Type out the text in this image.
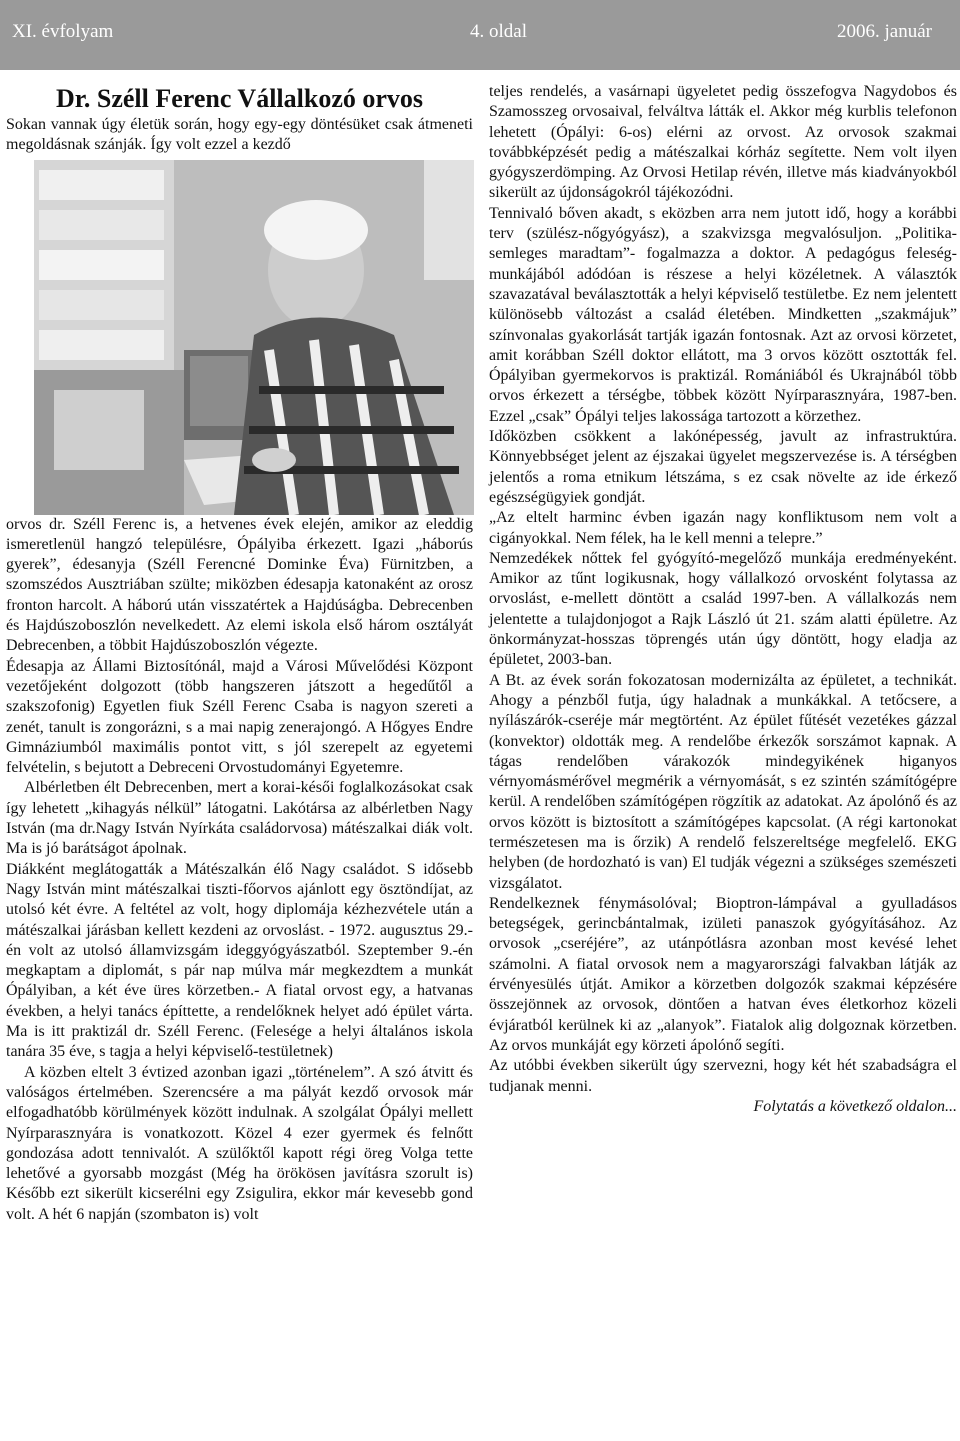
XI. évfolyam	4. oldal	2006. január
Dr. Széll Ferenc Vállalkozó orvos

Sokan vannak úgy életük során, hogy egy-egy döntésüket csak átmeneti megoldásnak szánják. Így volt ezzel a kezdő

orvos dr. Széll Ferenc is, a hetvenes évek elején, amikor az eleddig ismeretlenül hangzó településre, Ópályiba érkezett. Igazi „háborús gyerek”, édesanyja (Széll Ferencné Dominke Éva) Fürnitzben, a szomszédos Ausztriában szülte; miközben édesapja katonaként az orosz fronton harcolt. A háború után visszatértek a Hajdúságba. Debrecenben és Hajdúszoboszlón nevelkedett. Az elemi iskola első három osztályát Debrecenben, a többit Hajdúszoboszlón végezte.

Édesapja az Állami Biztosítónál, majd a Városi Művelődési Központ vezetőjeként dolgozott (több hangszeren játszott a hegedűtől a szakszofonig) Egyetlen fiuk Széll Ferenc Csaba is nagyon szereti a zenét, tanult is zongorázni, s a mai napig zenerajongó. A Hőgyes Endre Gimnáziumból maximális pontot vitt, s jól szerepelt az egyetemi felvételin, s bejutott a Debreceni Orvostudományi Egyetemre.

Albérletben élt Debrecenben, mert a korai-késői foglalkozásokat csak így lehetett „kihagyás nélkül” látogatni. Lakótársa az albérletben Nagy István (ma dr.Nagy István Nyírkáta családorvosa) mátészalkai diák volt. Ma is jó barátságot ápolnak.

Diákként meglátogatták a Mátészalkán élő Nagy családot. S idősebb Nagy István mint mátészalkai tiszti-főorvos ajánlott egy ösztöndíjat, az utolsó két évre. A feltétel az volt, hogy diplomája kézhezvétele után a mátészalkai járásban kellett kezdeni az orvoslást. - 1972. augusztus 29.-én volt az utolsó államvizsgám ideggyógyászatból. Szeptember 9.-én megkaptam a diplomát, s pár nap múlva már megkezdtem a munkát Ópályiban, a két éve üres körzetben.- A fiatal orvost egy, a hatvanas években, a helyi tanács építtette, a rendelőknek helyet adó épület várta. Ma is itt praktizál dr. Széll Ferenc. (Felesége a helyi általános iskola tanára 35 éve, s tagja a helyi képviselő-testületnek)

A közben eltelt 3 évtized azonban igazi „történelem”. A szó átvitt és valóságos értelmében. Szerencsére a ma pályát kezdő orvosok már elfogadhatóbb körülmények között indulnak. A szolgálat Ópályi mellett Nyírparasznyára is vonatkozott. Közel 4 ezer gyermek és felnőtt gondozása adott tennivalót. A szülőktől kapott régi öreg Volga tette lehetővé a gyorsabb mozgást (Még ha örökösen javításra szorult is) Később ezt sikerült kicserélni egy Zsigulira, ekkor már kevesebb gond volt. A hét 6 napján (szombaton is) volt

teljes rendelés, a vasárnapi ügyeletet pedig összefogva Nagydobos és Szamosszeg orvosaival, felváltva látták el. Akkor még kurblis telefonon lehetett (Ópályi: 6-os) elérni az orvost. Az orvosok szakmai továbbképzését pedig a mátészalkai kórház segítette. Nem volt ilyen gyógyszerdömping. Az Orvosi Hetilap révén, illetve más kiadványokból sikerült az újdonságokról tájékozódni.

Tennivaló bőven akadt, s eközben arra nem jutott idő, hogy a korábbi terv (szülész-nőgyógyász), a szakvizsga megvalósuljon. „Politika-semleges maradtam”- fogalmazza a doktor. A pedagógus feleség-munkájából adódóan is részese a helyi közéletnek. A választók szavazatával beválasztották a helyi képviselő testületbe. Ez nem jelentett különösebb változást a család életében. Mindketten „szakmájuk” színvonalas gyakorlását tartják igazán fontosnak. Azt az orvosi körzetet, amit korábban Széll doktor ellátott, ma 3 orvos között osztották fel. Ópályiban gyermekorvos is praktizál. Romániából és Ukrajnából több orvos érkezett a térségbe, többek között Nyírparasznyára, 1987-ben. Ezzel „csak” Ópályi teljes lakossága tartozott a körzethez.

Időközben csökkent a lakónépesség, javult az infrastruktúra. Könnyebbséget jelent az éjszakai ügyelet megszervezése is. A térségben jelentős a roma etnikum létszáma, s ez csak növelte az ide érkező egészségügyiek gondját.

„Az eltelt harminc évben igazán nagy konfliktusom nem volt a cigányokkal. Nem félek, ha le kell menni a telepre.”

Nemzedékek nőttek fel gyógyító-megelőző munkája eredményeként. Amikor az tűnt logikusnak, hogy vállalkozó orvosként folytassa az orvoslást, e-mellett döntött a család 1997-ben. A vállalkozás nem jelentette a tulajdonjogot a Rajk László út 21. szám alatti épületre. Az önkormányzat-hosszas töprengés után úgy döntött, hogy eladja az épületet, 2003-ban.

A Bt. az évek során fokozatosan modernizálta az épületet, a technikát. Ahogy a pénzből futja, úgy haladnak a munkákkal. A tetőcsere, a nyílászárók-cseréje már megtörtént. Az épület fűtését vezetékes gázzal (konvektor) oldották meg. A rendelőbe érkezők sorszámot kapnak. A tágas rendelőben várakozók mindegyikének higanyos vérnyomásmérővel megmérik a vérnyomását, s ez szintén számítógépre kerül. A rendelőben számítógépen rögzítik az adatokat. Az ápolónő és az orvos között is biztosított a számítógépes kapcsolat. (A régi kartonokat természetesen ma is őrzik) A rendelő felszereltsége megfelelő. EKG helyben (de hordozható is van) El tudják végezni a szükséges szemészeti vizsgálatot.

Rendelkeznek fénymásolóval; Bioptron-lámpával a gyulladásos betegségek, gerincbántalmak, izületi panaszok gyógyításához. Az orvosok „cseréjére”, az utánpótlásra azonban most kevésé lehet számolni. A fiatal orvosok nem a magyarországi falvakban látják az érvényesülés útját. Amikor a körzetben dolgozók szakmai képzésére összejönnek az orvosok, döntően a hatvan éves életkorhoz közeli évjáratból kerülnek ki az „alanyok”. Fiatalok alig dolgoznak körzetben. Az orvos munkáját egy körzeti ápolónő segíti.

Az utóbbi években sikerült úgy szervezni, hogy két hét szabadságra el tudjanak menni.

Folytatás a következő oldalon...
